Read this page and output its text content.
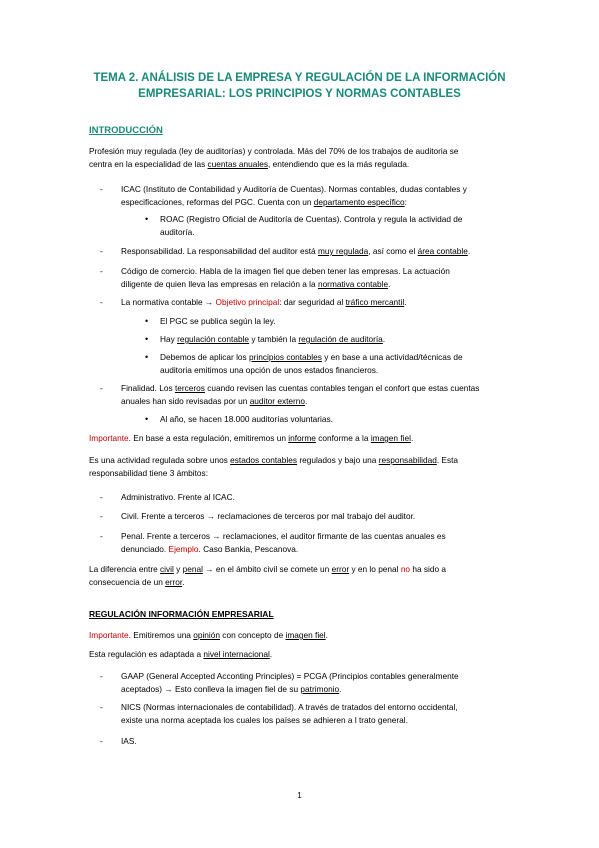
TEMA 2. ANÁLISIS DE LA EMPRESA Y REGULACIÓN DE LA INFORMACIÓN
EMPRESARIAL: LOS PRINCIPIOS Y NORMAS CONTABLES
INTRODUCCIÓN
Profesión muy regulada (ley de auditorías) y controlada. Más del 70% de los trabajos de auditoria se
centra en la especialidad de las cuentas anuales, entendiendo que es la más regulada.
- ICAC (Instituto de Contabilidad y Auditoría de Cuentas). Normas contables, dudas contables y
especificaciones, reformas del PGC. Cuenta con un departamento específico:
• ROAC (Registro Oficial de Auditoría de Cuentas). Controla y regula la actividad de
auditoría.
- Responsabilidad. La responsabilidad del auditor está muy regulada, así como el área contable.
- Código de comercio. Habla de la imagen fiel que deben tener las empresas. La actuación
diligente de quien lleva las empresas en relación a la normativa contable.
- La normativa contable → Objetivo principal: dar seguridad al tráfico mercantil.
• El PGC se publica según la ley.
• Hay regulación contable y también la regulación de auditoría.
• Debemos de aplicar los principios contables y en base a una actividad/técnicas de
auditoria emitimos una opción de unos estados financieros.
- Finalidad. Los terceros cuando revisen las cuentas contables tengan el confort que estas cuentas
anuales han sido revisadas por un auditor externo.
• Al año, se hacen 18.000 auditorías voluntarias.
Importante. En base a esta regulación, emitiremos un informe conforme a la imagen fiel.
Es una actividad regulada sobre unos estados contables regulados y bajo una responsabilidad. Esta
responsabilidad tiene 3 ámbitos:
- Administrativo. Frente al ICAC.
- Civil. Frente a terceros → reclamaciones de terceros por mal trabajo del auditor.
- Penal. Frente a terceros → reclamaciones, el auditor firmante de las cuentas anuales es
denunciado. Ejemplo. Caso Bankia, Pescanova.
La diferencia entre civil y penal → en el ámbito civil se comete un error y en lo penal no ha sido a
consecuencia de un error.
REGULACIÓN INFORMACIÓN EMPRESARIAL
Importante. Emitiremos una opinión con concepto de imagen fiel.
Esta regulación es adaptada a nivel internacional.
- GAAP (General Accepted Acconting Principles) = PCGA (Principios contables generalmente
aceptados) → Esto conlleva la imagen fiel de su patrimonio.
- NICS (Normas internacionales de contabilidad). A través de tratados del entorno occidental,
existe una norma aceptada los cuales los países se adhieren a l trato general.
- IAS.
1
